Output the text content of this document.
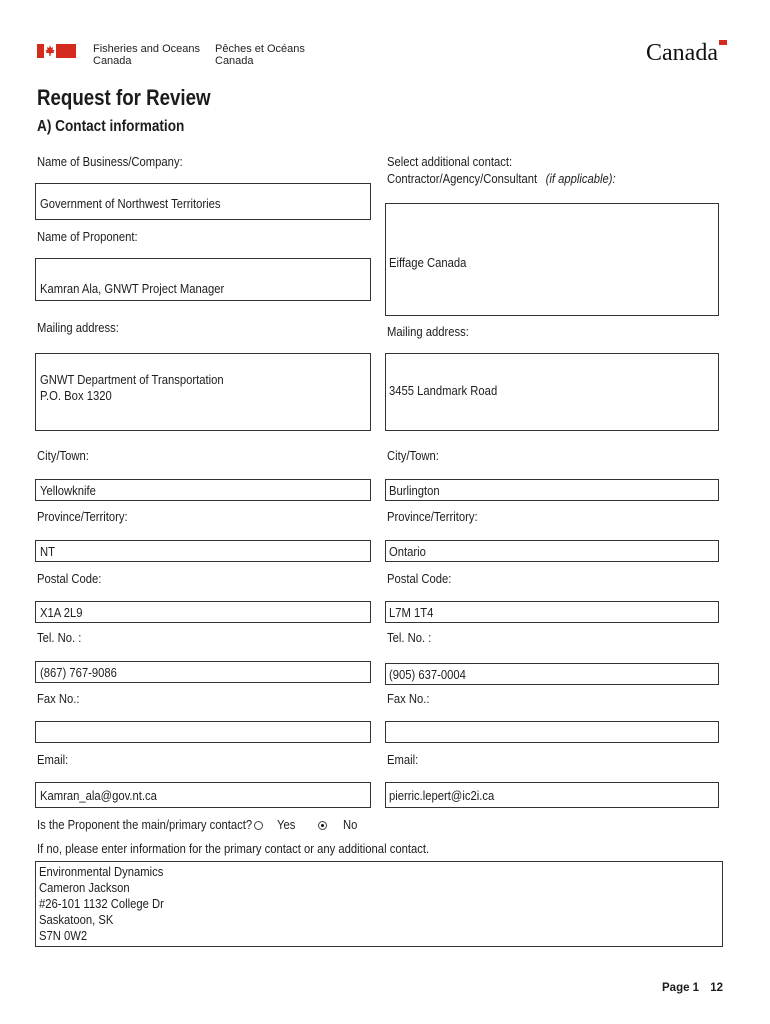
Fisheries and Oceans
Canada
Pêches et Océans
Canada	Canada
Request for Review
A) Contact information
Name of Business/Company:
Government of Northwest Territories
Name of Proponent:
Kamran Ala, GNWT Project Manager
Mailing address:
GNWT Department of Transportation
P.O. Box 1320
City/Town:
Yellowknife
Province/Territory:
NT
Postal Code:
X1A 2L9
Tel. No. :
(867) 767-9086
Fax No.:
Email:
Kamran_ala@gov.nt.ca
Select additional contact:
Contractor/Agency/Consultant (if applicable):
Eiffage Canada
Mailing address:
3455 Landmark Road
City/Town:
Burlington
Province/Territory:
Ontario
Postal Code:
L7M 1T4
Tel. No. :
(905) 637-0004
Fax No.:
Email:
pierric.lepert@ic2i.ca
Is the Proponent the main/primary contact? Yes	No
If no, please enter information for the primary contact or any additional contact.
Environmental Dynamics
Cameron Jackson
#26-101 1132 College Dr
Saskatoon, SK
S7N 0W2
Page 1 12
